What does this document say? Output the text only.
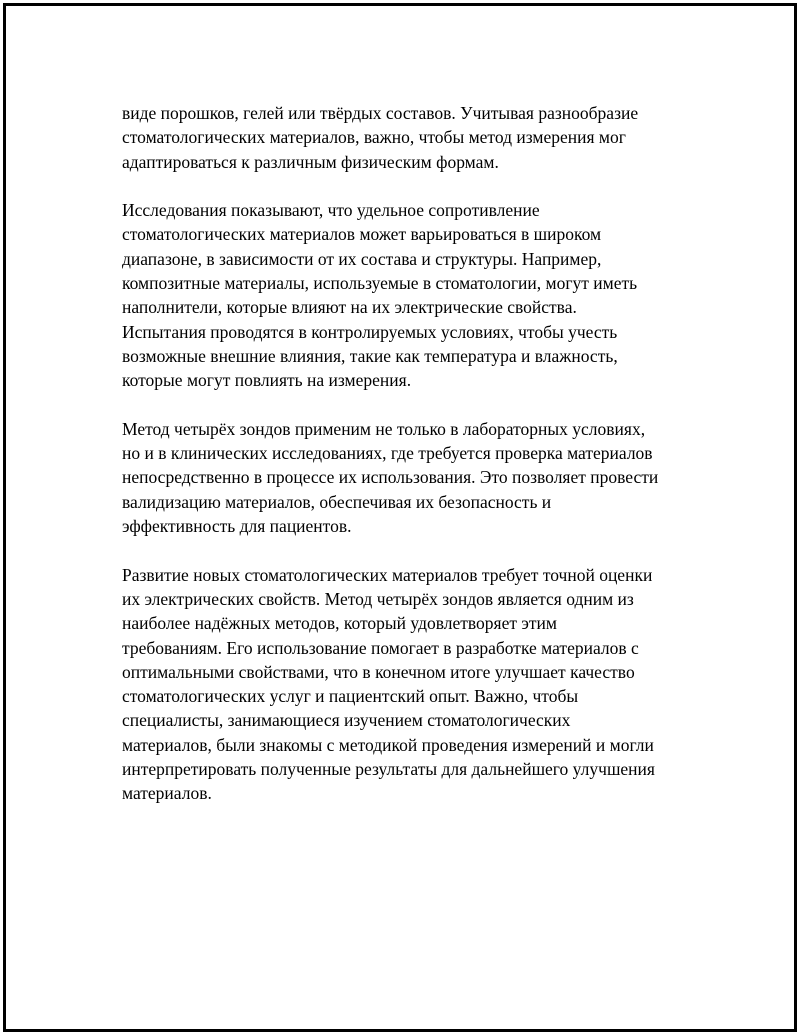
виде порошков, гелей или твёрдых составов. Учитывая разнообразие
стоматологических материалов, важно, чтобы метод измерения мог
адаптироваться к различным физическим формам.

Исследования показывают, что удельное сопротивление
стоматологических материалов может варьироваться в широком
диапазоне, в зависимости от их состава и структуры. Например,
композитные материалы, используемые в стоматологии, могут иметь
наполнители, которые влияют на их электрические свойства.
Испытания проводятся в контролируемых условиях, чтобы учесть
возможные внешние влияния, такие как температура и влажность,
которые могут повлиять на измерения.

Метод четырёх зондов применим не только в лабораторных условиях,
но и в клинических исследованиях, где требуется проверка материалов
непосредственно в процессе их использования. Это позволяет провести
валидизацию материалов, обеспечивая их безопасность и
эффективность для пациентов.

Развитие новых стоматологических материалов требует точной оценки
их электрических свойств. Метод четырёх зондов является одним из
наиболее надёжных методов, который удовлетворяет этим
требованиям. Его использование помогает в разработке материалов с
оптимальными свойствами, что в конечном итоге улучшает качество
стоматологических услуг и пациентский опыт. Важно, чтобы
специалисты, занимающиеся изучением стоматологических
материалов, были знакомы с методикой проведения измерений и могли
интерпретировать полученные результаты для дальнейшего улучшения
материалов.
